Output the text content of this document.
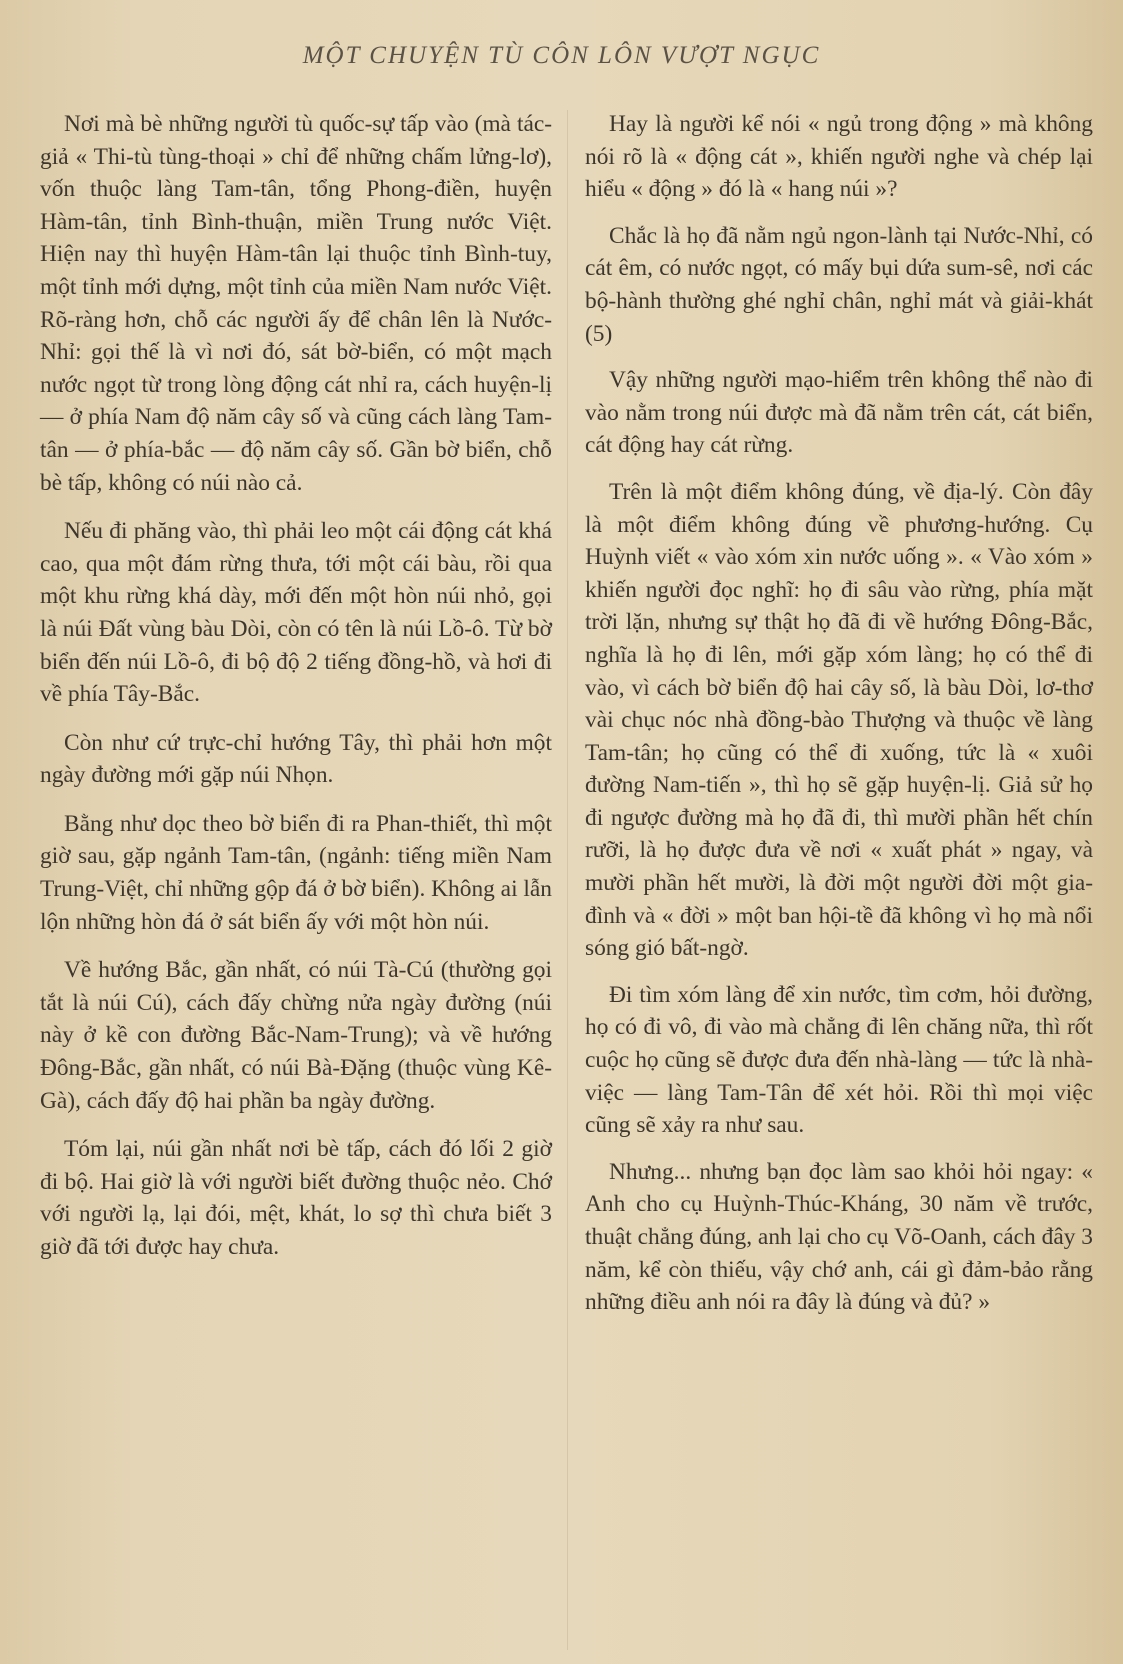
MỘT CHUYỆN TÙ CÔN LÔN VƯỢT NGỤC

Nơi mà bè những người tù quốc-sự tấp vào (mà tác-giả « Thi-tù tùng-thoại » chỉ để những chấm lửng-lơ), vốn thuộc làng Tam-tân, tổng Phong-điền, huyện Hàm-tân, tỉnh Bình-thuận, miền Trung nước Việt. Hiện nay thì huyện Hàm-tân lại thuộc tỉnh Bình-tuy, một tỉnh mới dựng, một tỉnh của miền Nam nước Việt. Rõ-ràng hơn, chỗ các người ấy để chân lên là Nước-Nhỉ: gọi thế là vì nơi đó, sát bờ-biển, có một mạch nước ngọt từ trong lòng động cát nhỉ ra, cách huyện-lị — ở phía Nam độ năm cây số và cũng cách làng Tam-tân — ở phía-bắc — độ năm cây số. Gần bờ biển, chỗ bè tấp, không có núi nào cả.

Nếu đi phăng vào, thì phải leo một cái động cát khá cao, qua một đám rừng thưa, tới một cái bàu, rồi qua một khu rừng khá dày, mới đến một hòn núi nhỏ, gọi là núi Đất vùng bàu Dòi, còn có tên là núi Lồ-ô. Từ bờ biển đến núi Lồ-ô, đi bộ độ 2 tiếng đồng-hồ, và hơi đi về phía Tây-Bắc.

Còn như cứ trực-chỉ hướng Tây, thì phải hơn một ngày đường mới gặp núi Nhọn.

Bằng như dọc theo bờ biển đi ra Phan-thiết, thì một giờ sau, gặp ngảnh Tam-tân, (ngảnh: tiếng miền Nam Trung-Việt, chỉ những gộp đá ở bờ biển). Không ai lẫn lộn những hòn đá ở sát biển ấy với một hòn núi.

Về hướng Bắc, gần nhất, có núi Tà-Cú (thường gọi tắt là núi Cú), cách đấy chừng nửa ngày đường (núi này ở kề con đường Bắc-Nam-Trung); và về hướng Đông-Bắc, gần nhất, có núi Bà-Đặng (thuộc vùng Kê-Gà), cách đấy độ hai phần ba ngày đường.

Tóm lại, núi gần nhất nơi bè tấp, cách đó lối 2 giờ đi bộ. Hai giờ là với người biết đường thuộc nẻo. Chớ với người lạ, lại đói, mệt, khát, lo sợ thì chưa biết 3 giờ đã tới được hay chưa.

Hay là người kể nói « ngủ trong động » mà không nói rõ là « động cát », khiến người nghe và chép lại hiểu « động » đó là « hang núi »?

Chắc là họ đã nằm ngủ ngon-lành tại Nước-Nhỉ, có cát êm, có nước ngọt, có mấy bụi dứa sum-sê, nơi các bộ-hành thường ghé nghỉ chân, nghỉ mát và giải-khát (5)

Vậy những người mạo-hiểm trên không thể nào đi vào nằm trong núi được mà đã nằm trên cát, cát biển, cát động hay cát rừng.

Trên là một điểm không đúng, về địa-lý. Còn đây là một điểm không đúng về phương-hướng. Cụ Huỳnh viết « vào xóm xin nước uống ». « Vào xóm » khiến người đọc nghĩ: họ đi sâu vào rừng, phía mặt trời lặn, nhưng sự thật họ đã đi về hướng Đông-Bắc, nghĩa là họ đi lên, mới gặp xóm làng; họ có thể đi vào, vì cách bờ biển độ hai cây số, là bàu Dòi, lơ-thơ vài chục nóc nhà đồng-bào Thượng và thuộc về làng Tam-tân; họ cũng có thể đi xuống, tức là « xuôi đường Nam-tiến », thì họ sẽ gặp huyện-lị. Giả sử họ đi ngược đường mà họ đã đi, thì mười phần hết chín rưỡi, là họ được đưa về nơi « xuất phát » ngay, và mười phần hết mười, là đời một người đời một gia-đình và « đời » một ban hội-tề đã không vì họ mà nổi sóng gió bất-ngờ.

Đi tìm xóm làng để xin nước, tìm cơm, hỏi đường, họ có đi vô, đi vào mà chẳng đi lên chăng nữa, thì rốt cuộc họ cũng sẽ được đưa đến nhà-làng — tức là nhà-việc — làng Tam-Tân để xét hỏi. Rồi thì mọi việc cũng sẽ xảy ra như sau.

Nhưng... nhưng bạn đọc làm sao khỏi hỏi ngay: « Anh cho cụ Huỳnh-Thúc-Kháng, 30 năm về trước, thuật chẳng đúng, anh lại cho cụ Võ-Oanh, cách đây 3 năm, kể còn thiếu, vậy chớ anh, cái gì đảm-bảo rằng những điều anh nói ra đây là đúng và đủ? »
